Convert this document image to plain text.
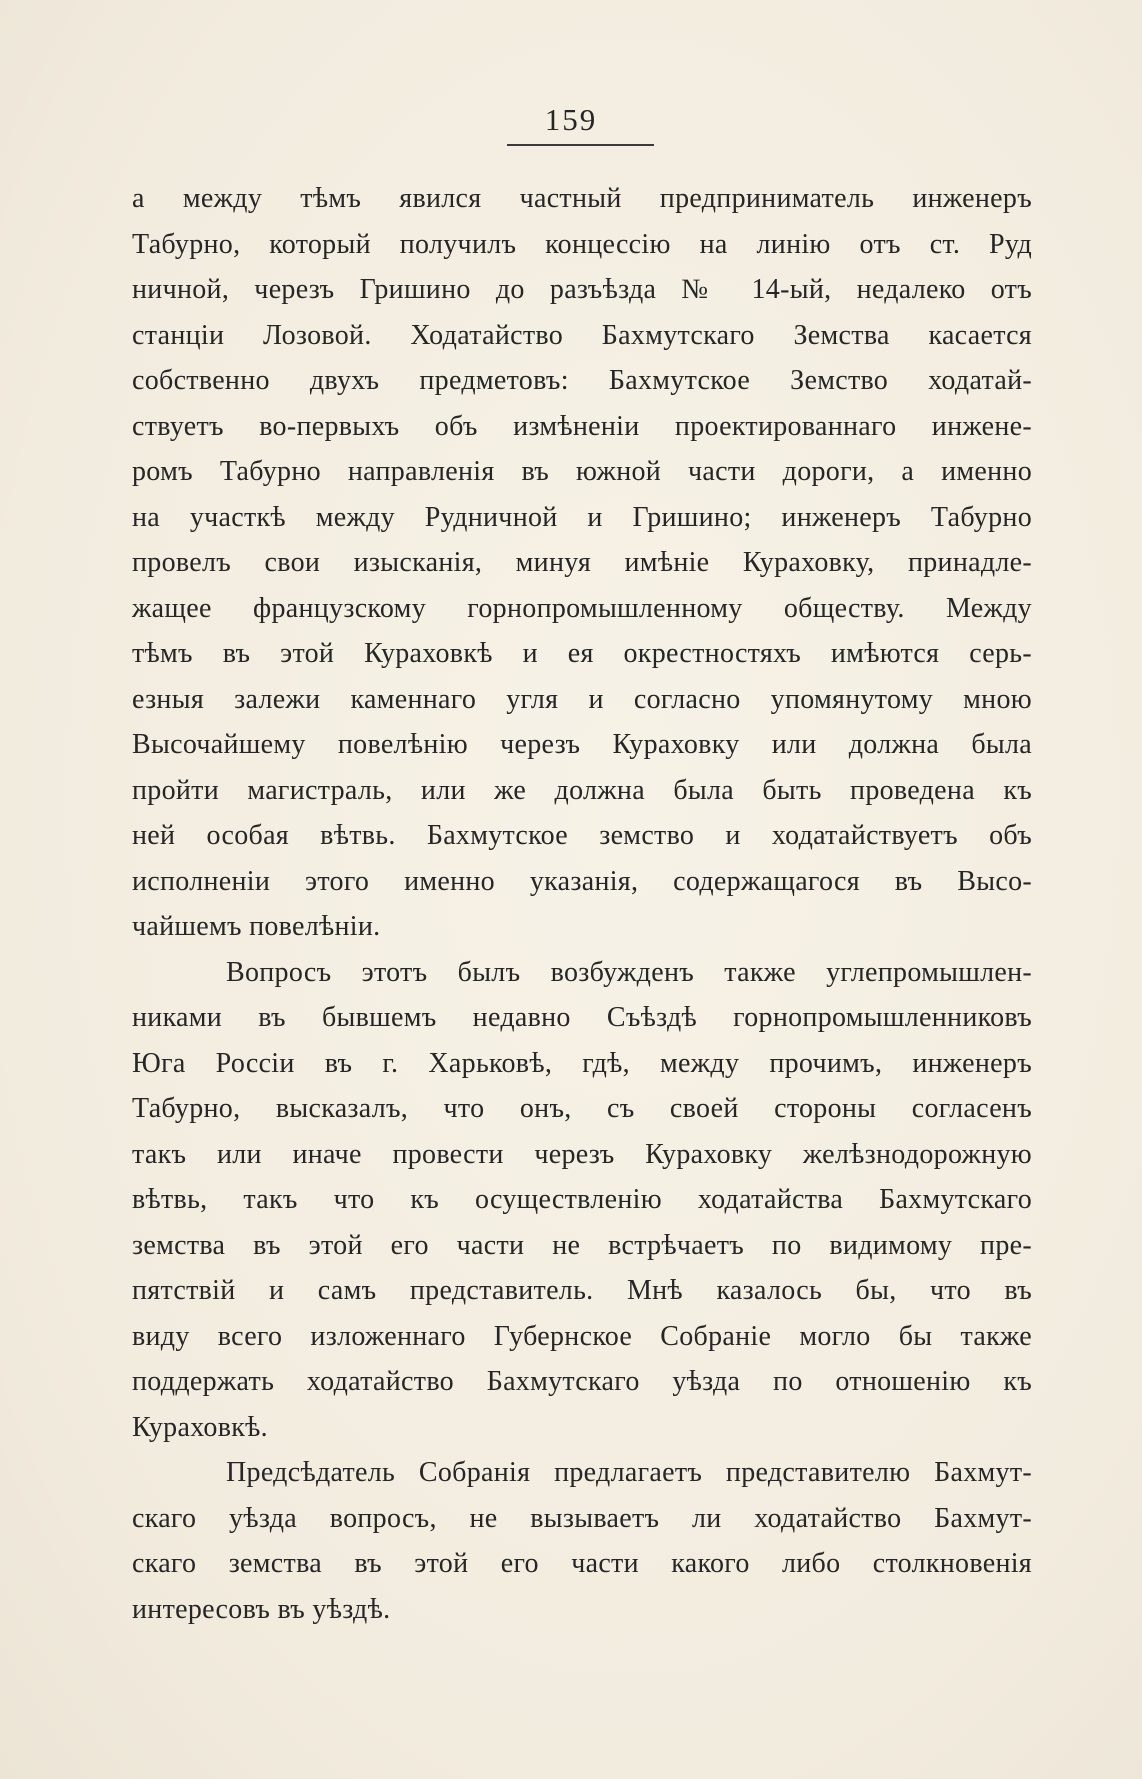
159
а между тѣмъ явился частный предприниматель инженеръ
Табурно, который получилъ концессію на линію отъ ст. Руд
ничной, черезъ Гришино до разъѣзда № 14-ый, недалеко отъ
станціи Лозовой. Ходатайство Бахмутскаго Земства касается
собственно двухъ предметовъ: Бахмутское Земство ходатай-
ствуетъ во-первыхъ объ измѣненіи проектированнаго инжене-
ромъ Табурно направленія въ южной части дороги, а именно
на участкѣ между Рудничной и Гришино; инженеръ Табурно
провелъ свои изысканія, минуя имѣніе Кураховку, принадле-
жащее французскому горнопромышленному обществу. Между
тѣмъ въ этой Кураховкѣ и ея окрестностяхъ имѣются серь-
езныя залежи каменнаго угля и согласно упомянутому мною
Высочайшему повелѣнію черезъ Кураховку или должна была
пройти магистраль, или же должна была быть проведена къ
ней особая вѣтвь. Бахмутское земство и ходатайствуетъ объ
исполненіи этого именно указанія, содержащагося въ Высо-
чайшемъ повелѣніи.
Вопросъ этотъ былъ возбужденъ также углепромышлен-
никами въ бывшемъ недавно Съѣздѣ горнопромышленниковъ
Юга Россіи въ г. Харьковѣ, гдѣ, между прочимъ, инженеръ
Табурно, высказалъ, что онъ, съ своей стороны согласенъ
такъ или иначе провести черезъ Кураховку желѣзнодорожную
вѣтвь, такъ что къ осуществленію ходатайства Бахмутскаго
земства въ этой его части не встрѣчаетъ по видимому пре-
пятствій и самъ представитель. Мнѣ казалось бы, что въ
виду всего изложеннаго Губернское Собраніе могло бы также
поддержать ходатайство Бахмутскаго уѣзда по отношенію къ
Кураховкѣ.
Предсѣдатель Собранія предлагаетъ представителю Бахмут-
скаго уѣзда вопросъ, не вызываетъ ли ходатайство Бахмут-
скаго земства въ этой его части какого либо столкновенія
интересовъ въ уѣздѣ.
